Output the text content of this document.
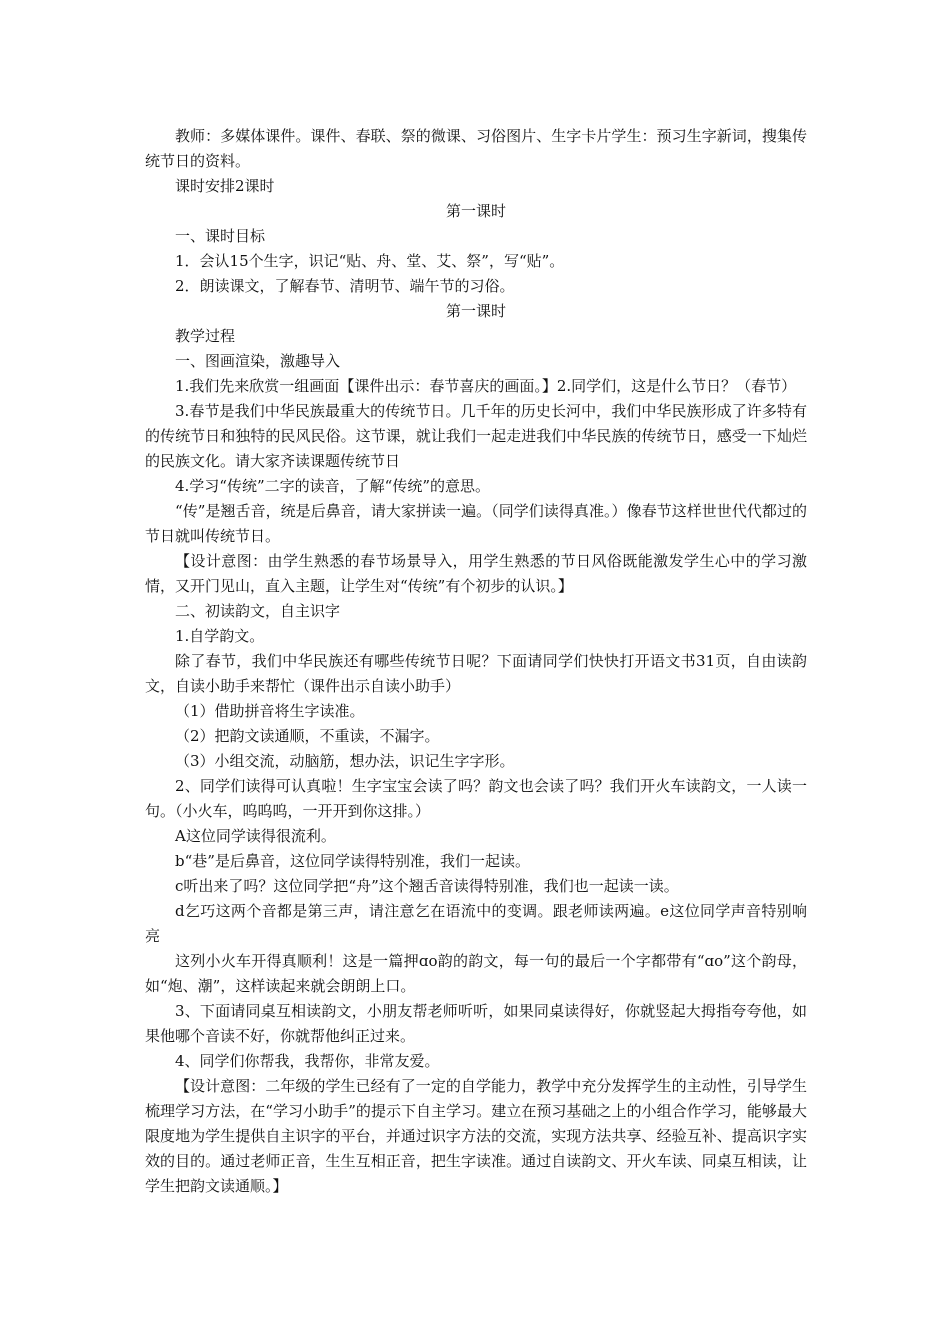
教师：多媒体课件。课件、春联、祭的微课、习俗图片、生字卡片学生：预习生字新词，搜集传统节日的资料。

课时安排2课时

第一课时

一、课时目标

1．会认15个生字，识记“贴、舟、堂、艾、祭”，写“贴”。

2．朗读课文，了解春节、清明节、端午节的习俗。

第一课时

教学过程

一、图画渲染，激趣导入

1.我们先来欣赏一组画面【课件出示：春节喜庆的画面。】2.同学们，这是什么节日？（春节）

3.春节是我们中华民族最重大的传统节日。几千年的历史长河中，我们中华民族形成了许多特有的传统节日和独特的民风民俗。这节课，就让我们一起走进我们中华民族的传统节日，感受一下灿烂的民族文化。请大家齐读课题传统节日

4.学习“传统”二字的读音，了解“传统”的意思。

“传”是翘舌音，统是后鼻音，请大家拼读一遍。（同学们读得真准。）像春节这样世世代代都过的节日就叫传统节日。

【设计意图：由学生熟悉的春节场景导入，用学生熟悉的节日风俗既能激发学生心中的学习激情，又开门见山，直入主题，让学生对“传统”有个初步的认识。】

二、初读韵文，自主识字

1.自学韵文。

除了春节，我们中华民族还有哪些传统节日呢？下面请同学们快快打开语文书31页，自由读韵文，自读小助手来帮忙（课件出示自读小助手）

（1）借助拼音将生字读准。

（2）把韵文读通顺，不重读，不漏字。

（3）小组交流，动脑筋，想办法，识记生字字形。

2、同学们读得可认真啦！生字宝宝会读了吗？韵文也会读了吗？我们开火车读韵文，一人读一句。（小火车，呜呜呜，一开开到你这排。）

A这位同学读得很流利。

b“巷”是后鼻音，这位同学读得特别准，我们一起读。

c听出来了吗？这位同学把“舟”这个翘舌音读得特别准，我们也一起读一读。

d乞巧这两个音都是第三声，请注意乞在语流中的变调。跟老师读两遍。e这位同学声音特别响亮

这列小火车开得真顺利！这是一篇押ɑo韵的韵文，每一句的最后一个字都带有“ɑo”这个韵母，如“炮、潮”，这样读起来就会朗朗上口。

3、下面请同桌互相读韵文，小朋友帮老师听听，如果同桌读得好，你就竖起大拇指夸夸他，如果他哪个音读不好，你就帮他纠正过来。

4、同学们你帮我，我帮你，非常友爱。

【设计意图：二年级的学生已经有了一定的自学能力，教学中充分发挥学生的主动性，引导学生梳理学习方法，在“学习小助手”的提示下自主学习。建立在预习基础之上的小组合作学习，能够最大限度地为学生提供自主识字的平台，并通过识字方法的交流，实现方法共享、经验互补、提高识字实效的目的。通过老师正音，生生互相正音，把生字读准。通过自读韵文、开火车读、同桌互相读，让学生把韵文读通顺。】
